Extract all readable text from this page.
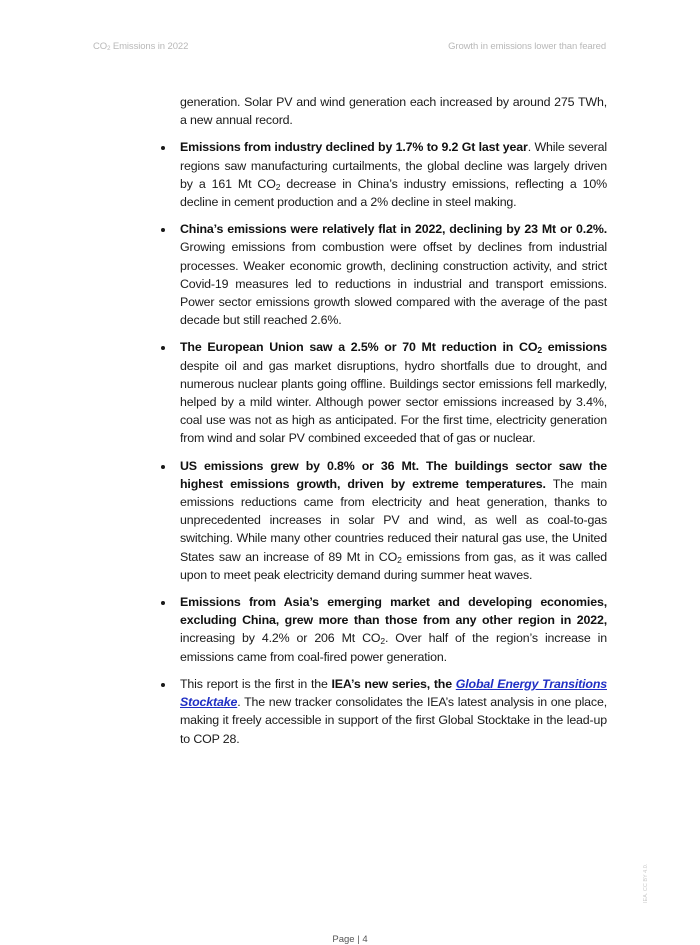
$CO_2$ Emissions in 2022	Growth in emissions lower than feared

generation. Solar PV and wind generation each increased by around 275 TWh, a new annual record.

Emissions from industry declined by 1.7% to 9.2 Gt last year. While several regions saw manufacturing curtailments, the global decline was largely driven by a 161 Mt $CO_2$ decrease in China’s industry emissions, reflecting a 10% decline in cement production and a 2% decline in steel making.
China’s emissions were relatively flat in 2022, declining by 23 Mt or 0.2%. Growing emissions from combustion were offset by declines from industrial processes. Weaker economic growth, declining construction activity, and strict Covid-19 measures led to reductions in industrial and transport emissions. Power sector emissions growth slowed compared with the average of the past decade but still reached 2.6%.
The European Union saw a 2.5% or 70 Mt reduction in $CO_2$ emissions despite oil and gas market disruptions, hydro shortfalls due to drought, and numerous nuclear plants going offline. Buildings sector emissions fell markedly, helped by a mild winter. Although power sector emissions increased by 3.4%, coal use was not as high as anticipated. For the first time, electricity generation from wind and solar PV combined exceeded that of gas or nuclear.
US emissions grew by 0.8% or 36 Mt. The buildings sector saw the highest emissions growth, driven by extreme temperatures. The main emissions reductions came from electricity and heat generation, thanks to unprecedented increases in solar PV and wind, as well as coal-to-gas switching. While many other countries reduced their natural gas use, the United States saw an increase of 89 Mt in $CO_2$ emissions from gas, as it was called upon to meet peak electricity demand during summer heat waves.
Emissions from Asia’s emerging market and developing economies, excluding China, grew more than those from any other region in 2022, increasing by 4.2% or 206 Mt $CO_2$. Over half of the region’s increase in emissions came from coal-fired power generation.
This report is the first in the IEA’s new series, the Global Energy Transitions Stocktake. The new tracker consolidates the IEA’s latest analysis in one place, making it freely accessible in support of the first Global Stocktake in the lead-up to COP 28.
Page | 4
IEA. CC BY 4.0.
